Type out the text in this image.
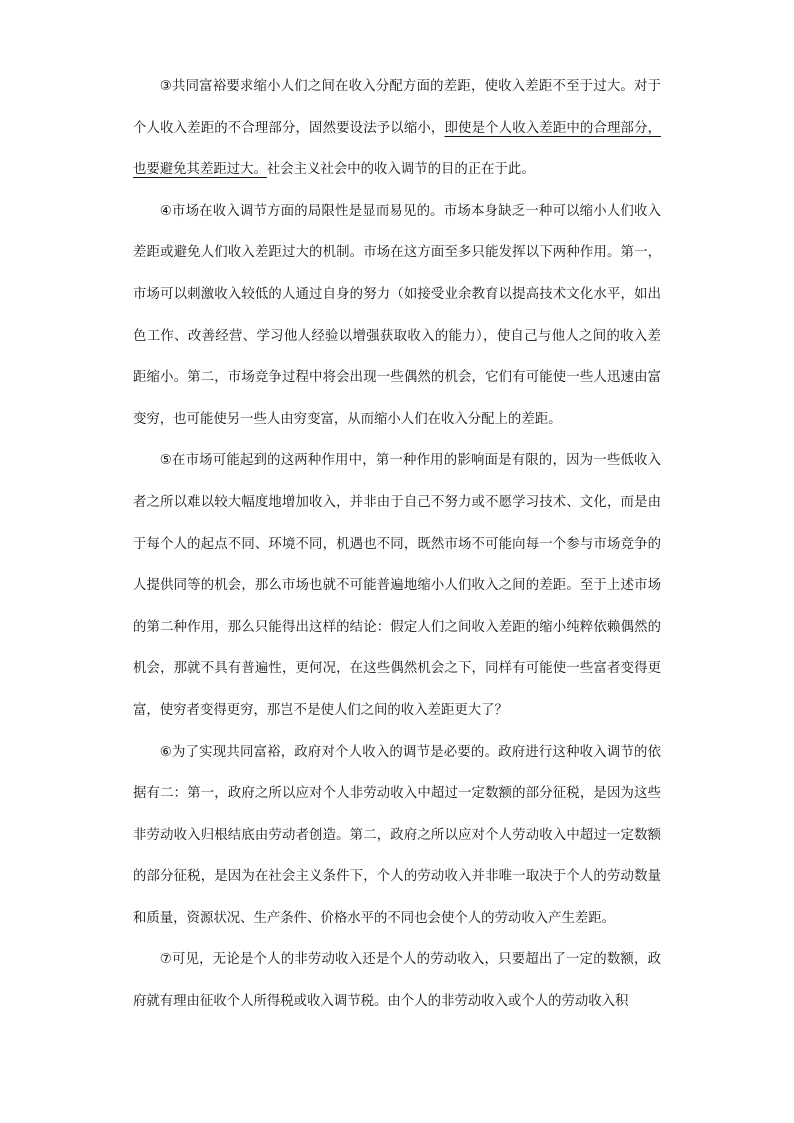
③共同富裕要求缩小人们之间在收入分配方面的差距，使收入差距不至于过大。对于个人收入差距的不合理部分，固然要设法予以缩小，即使是个人收入差距中的合理部分，也要避免其差距过大。社会主义社会中的收入调节的目的正在于此。

④市场在收入调节方面的局限性是显而易见的。市场本身缺乏一种可以缩小人们收入差距或避免人们收入差距过大的机制。市场在这方面至多只能发挥以下两种作用。第一，市场可以刺激收入较低的人通过自身的努力（如接受业余教育以提高技术文化水平，如出色工作、改善经营、学习他人经验以增强获取收入的能力），使自己与他人之间的收入差距缩小。第二，市场竞争过程中将会出现一些偶然的机会，它们有可能使一些人迅速由富变穷，也可能使另一些人由穷变富，从而缩小人们在收入分配上的差距。

⑤在市场可能起到的这两种作用中，第一种作用的影响面是有限的，因为一些低收入者之所以难以较大幅度地增加收入，并非由于自己不努力或不愿学习技术、文化，而是由于每个人的起点不同、环境不同，机遇也不同，既然市场不可能向每一个参与市场竞争的人提供同等的机会，那么市场也就不可能普遍地缩小人们收入之间的差距。至于上述市场的第二种作用，那么只能得出这样的结论：假定人们之间收入差距的缩小纯粹依赖偶然的机会，那就不具有普遍性，更何况，在这些偶然机会之下，同样有可能使一些富者变得更富，使穷者变得更穷，那岂不是使人们之间的收入差距更大了？

⑥为了实现共同富裕，政府对个人收入的调节是必要的。政府进行这种收入调节的依据有二：第一，政府之所以应对个人非劳动收入中超过一定数额的部分征税，是因为这些非劳动收入归根结底由劳动者创造。第二，政府之所以应对个人劳动收入中超过一定数额的部分征税，是因为在社会主义条件下，个人的劳动收入并非唯一取决于个人的劳动数量和质量，资源状况、生产条件、价格水平的不同也会使个人的劳动收入产生差距。

⑦可见，无论是个人的非劳动收入还是个人的劳动收入，只要超出了一定的数额，政府就有理由征收个人所得税或收入调节税。由个人的非劳动收入或个人的劳动收入积
